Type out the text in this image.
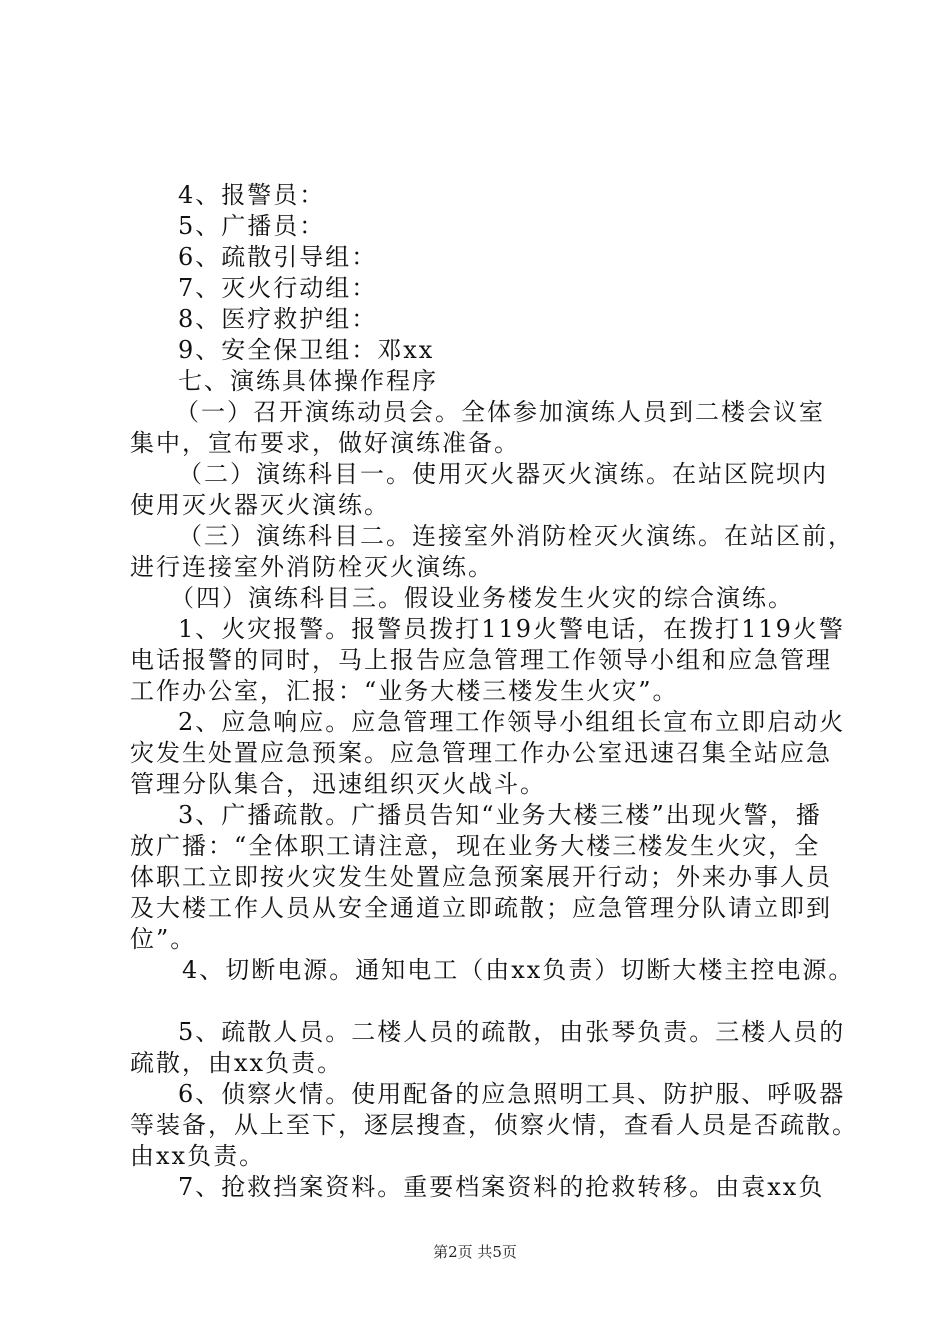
4、报警员：
5、广播员：
6、疏散引导组：
7、灭火行动组：
8、医疗救护组：
9、安全保卫组：邓xx
七、演练具体操作程序
（一）召开演练动员会。全体参加演练人员到二楼会议室
集中，宣布要求，做好演练准备。
（二）演练科目一。使用灭火器灭火演练。在站区院坝内
使用灭火器灭火演练。
（三）演练科目二。连接室外消防栓灭火演练。在站区前，
进行连接室外消防栓灭火演练。
（四）演练科目三。假设业务楼发生火灾的综合演练。
1、火灾报警。报警员拨打119火警电话，在拨打119火警
电话报警的同时，马上报告应急管理工作领导小组和应急管理
工作办公室，汇报：“业务大楼三楼发生火灾”。
2、应急响应。应急管理工作领导小组组长宣布立即启动火
灾发生处置应急预案。应急管理工作办公室迅速召集全站应急
管理分队集合，迅速组织灭火战斗。
3、广播疏散。广播员告知“业务大楼三楼”出现火警，播
放广播：“全体职工请注意，现在业务大楼三楼发生火灾，全
体职工立即按火灾发生处置应急预案展开行动；外来办事人员
及大楼工作人员从安全通道立即疏散；应急管理分队请立即到
位”。
4、切断电源。通知电工（由xx负责）切断大楼主控电源。
5、疏散人员。二楼人员的疏散，由张琴负责。三楼人员的
疏散，由xx负责。
6、侦察火情。使用配备的应急照明工具、防护服、呼吸器
等装备，从上至下，逐层搜查，侦察火情，查看人员是否疏散。
由xx负责。
7、抢救挡案资料。重要档案资料的抢救转移。由袁xx负
第2页 共5页
